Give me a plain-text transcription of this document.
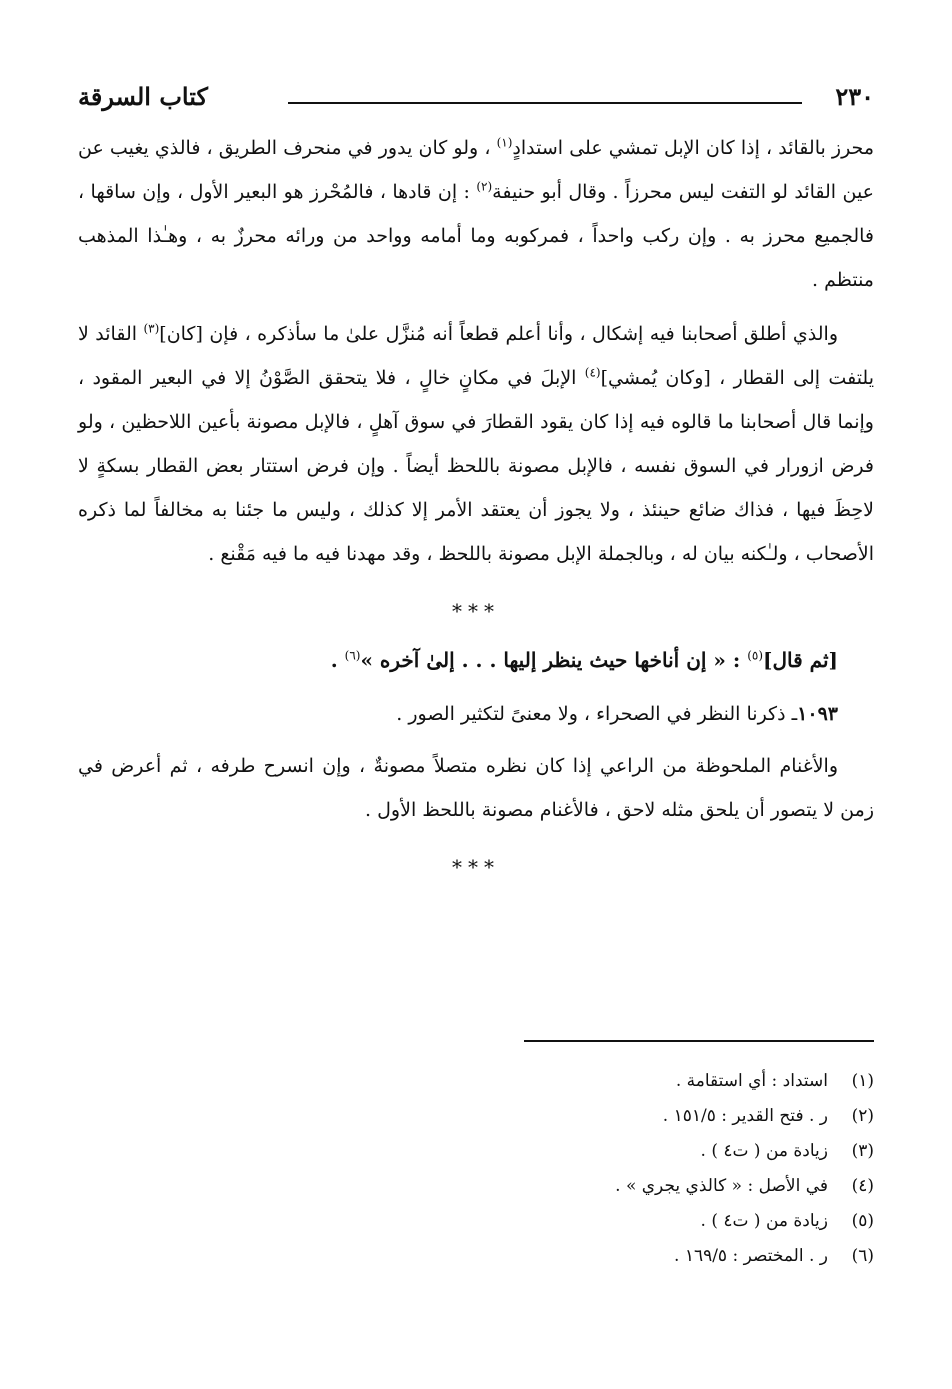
٢٣٠
كتاب السرقة

محرز بالقائد ، إذا كان الإبل تمشي على استدادٍ$^{(١)}$ ، ولو كان يدور في منحرف الطريق ، فالذي يغيب عن عين القائد لو التفت ليس محرزاً . وقال أبو حنيفة$^{(٢)}$ : إن قادها ، فالمُحْرز هو البعير الأول ، وإن ساقها ، فالجميع محرز به . وإن ركب واحداً ، فمركوبه وما أمامه وواحد من ورائه محرزٌ به ، وهـٰذا المذهب منتظم .

والذي أطلق أصحابنا فيه إشكال ، وأنا أعلم قطعاً أنه مُنزَّل علىٰ ما سأذكره ، فإن [كان]$^{(٣)}$ القائد لا يلتفت إلى القطار ، [وكان يُمشي]$^{(٤)}$ الإبلَ في مكانٍ خالٍ ، فلا يتحقق الصَّوْنُ إلا في البعير المقود ، وإنما قال أصحابنا ما قالوه فيه إذا كان يقود القطارَ في سوق آهلٍ ، فالإبل مصونة بأعين اللاحظين ، ولو فرض ازورار في السوق نفسه ، فالإبل مصونة باللحظ أيضاً . وإن فرض استتار بعض القطار بسكةٍ لا لاحِظَ فيها ، فذاك ضائع حينئذ ، ولا يجوز أن يعتقد الأمر إلا كذلك ، وليس ما جئنا به مخالفاً لما ذكره الأصحاب ، ولـٰكنه بيان له ، وبالجملة الإبل مصونة باللحظ ، وقد مهدنا فيه ما فيه مَقْنع .

***

[ثم قال]$^{(٥)}$ : « إن أناخها حيث ينظر إليها . . . إلىٰ آخره »$^{(٦)}$ .

١٠٩٣ـ ذكرنا النظر في الصحراء ، ولا معنىً لتكثير الصور .

والأغنام الملحوظة من الراعي إذا كان نظره متصلاً مصونةٌ ، وإن انسرح طرفه ، ثم أعرض في زمن لا يتصور أن يلحق مثله لاحق ، فالأغنام مصونة باللحظ الأول .

***
(١)استداد : أي استقامة .
(٢)ر . فتح القدير : ١٥١/٥ .
(٣)زيادة من ( ت٤ ) .
(٤)في الأصل : « كالذي يجري » .
(٥)زيادة من ( ت٤ ) .
(٦)ر . المختصر : ١٦٩/٥ .
